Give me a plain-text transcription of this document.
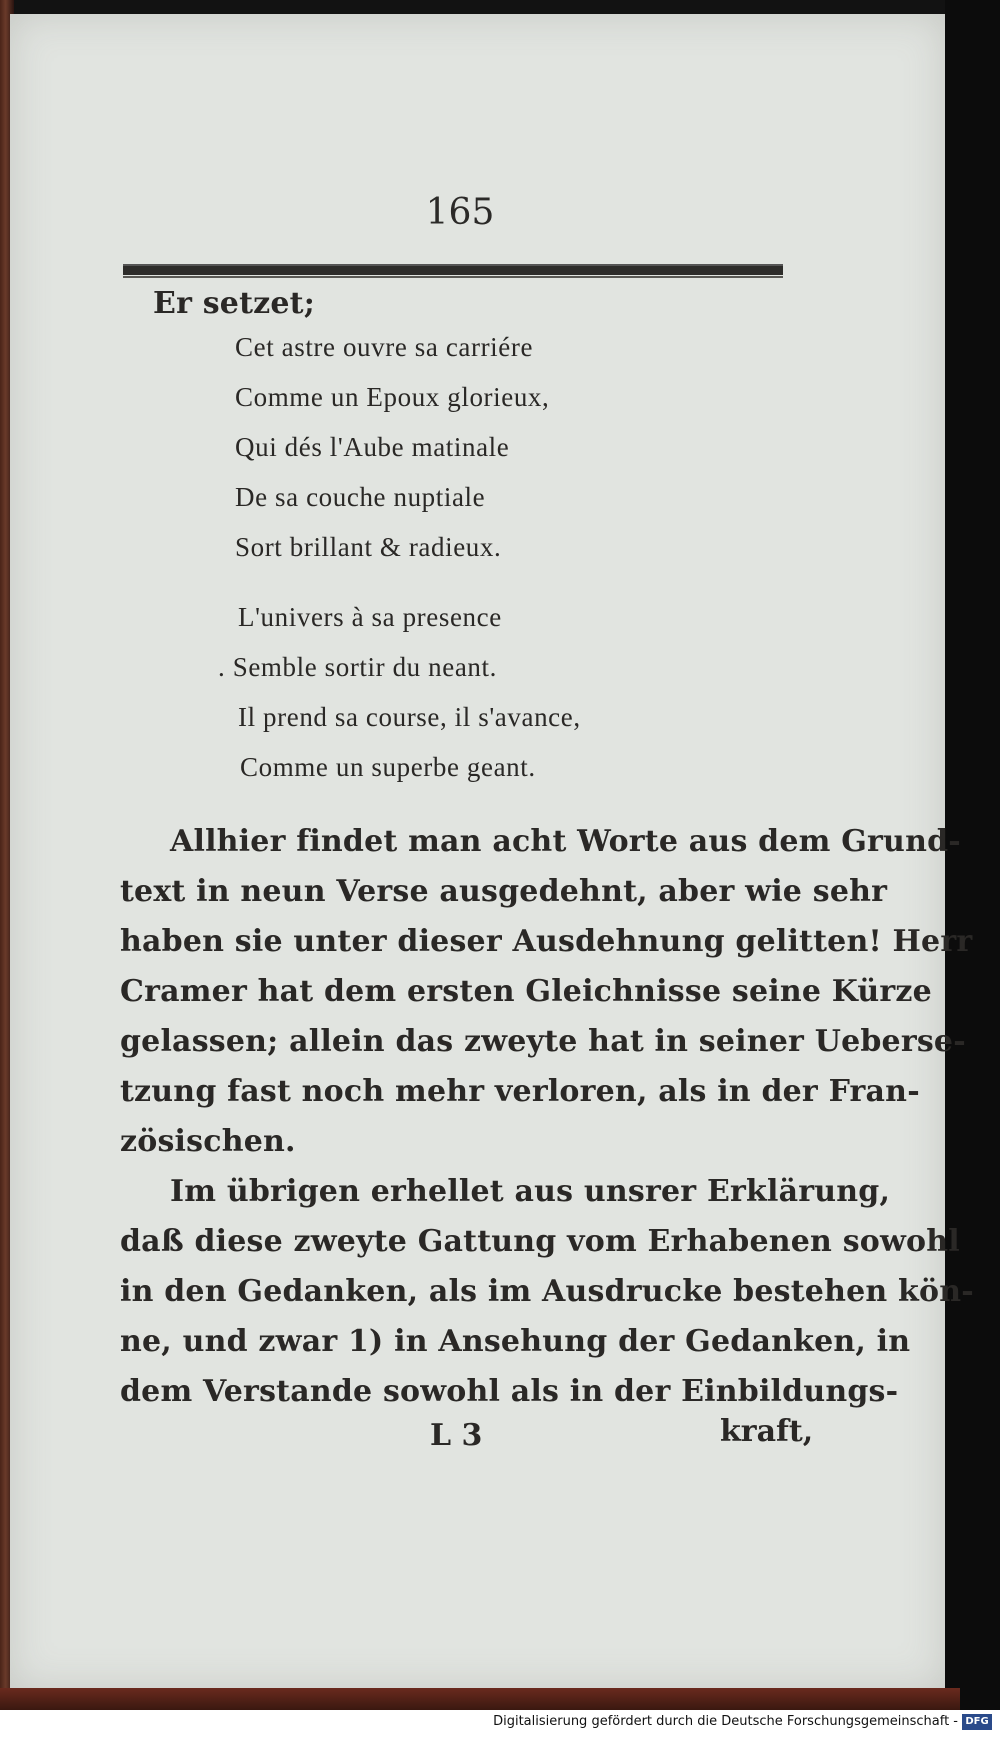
165
Er setzet;
Cet astre ouvre sa carriére
Comme un Epoux glorieux,
Qui dés l'Aube matinale
De sa couche nuptiale
Sort brillant & radieux.
L'univers à sa presence
. Semble sortir du neant.
Il prend sa course, il s'avance,
Comme un superbe geant.
Allhier findet man acht Worte aus dem Grund-
text in neun Verse ausgedehnt, aber wie sehr
haben sie unter dieser Ausdehnung gelitten! Herr
Cramer hat dem ersten Gleichnisse seine Kürze
gelassen; allein das zweyte hat in seiner Ueberse-
tzung fast noch mehr verloren, als in der Fran-
zösischen.
Im übrigen erhellet aus unsrer Erklärung,
daß diese zweyte Gattung vom Erhabenen sowohl
in den Gedanken, als im Ausdrucke bestehen kön-
ne, und zwar 1) in Ansehung der Gedanken, in
dem Verstande sowohl als in der Einbildungs-
L 3	kraft,
Digitalisierung gefördert durch die Deutsche Forschungsgemeinschaft - DFG
